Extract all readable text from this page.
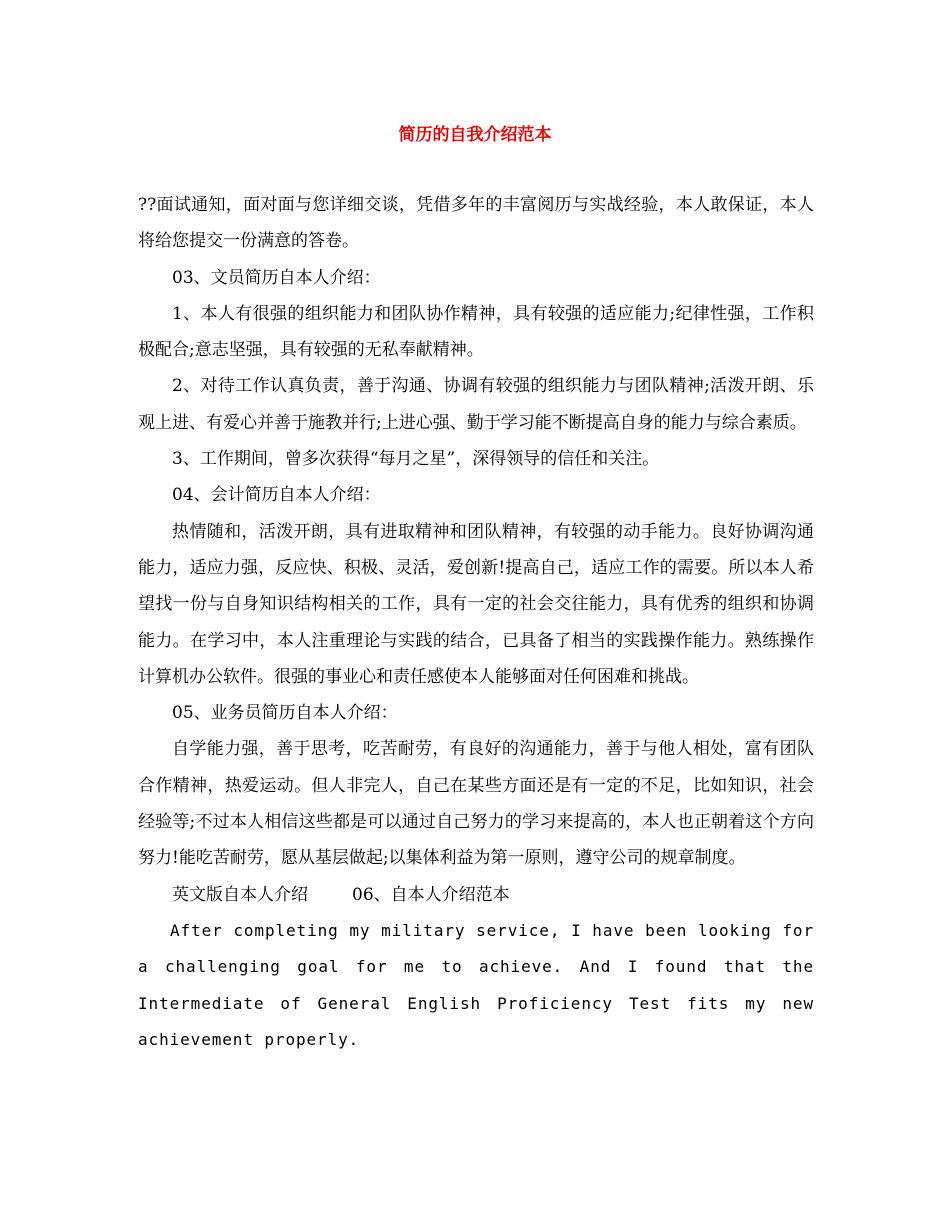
简历的自我介绍范本

??面试通知，面对面与您详细交谈，凭借多年的丰富阅历与实战经验，本人敢保证，本人将给您提交一份满意的答卷。

03、文员简历自本人介绍：

1、本人有很强的组织能力和团队协作精神，具有较强的适应能力;纪律性强，工作积极配合;意志坚强，具有较强的无私奉献精神。

2、对待工作认真负责，善于沟通、协调有较强的组织能力与团队精神;活泼开朗、乐观上进、有爱心并善于施教并行;上进心强、勤于学习能不断提高自身的能力与综合素质。

3、工作期间，曾多次获得“每月之星”，深得领导的信任和关注。

04、会计简历自本人介绍：

热情随和，活泼开朗，具有进取精神和团队精神，有较强的动手能力。良好协调沟通能力，适应力强，反应快、积极、灵活，爱创新!提高自己，适应工作的需要。所以本人希望找一份与自身知识结构相关的工作，具有一定的社会交往能力，具有优秀的组织和协调能力。在学习中，本人注重理论与实践的结合，已具备了相当的实践操作能力。熟练操作计算机办公软件。很强的事业心和责任感使本人能够面对任何困难和挑战。

05、业务员简历自本人介绍：

自学能力强，善于思考，吃苦耐劳，有良好的沟通能力，善于与他人相处，富有团队合作精神，热爱运动。但人非完人，自己在某些方面还是有一定的不足，比如知识，社会经验等;不过本人相信这些都是可以通过自己努力的学习来提高的，本人也正朝着这个方向努力!能吃苦耐劳，愿从基层做起;以集体利益为第一原则，遵守公司的规章制度。

英文版自本人介绍	06、自本人介绍范本

After completing my military service, I have been looking for a challenging goal for me to achieve. And I found that the Intermediate of General English Proficiency Test fits my new achievement properly.
